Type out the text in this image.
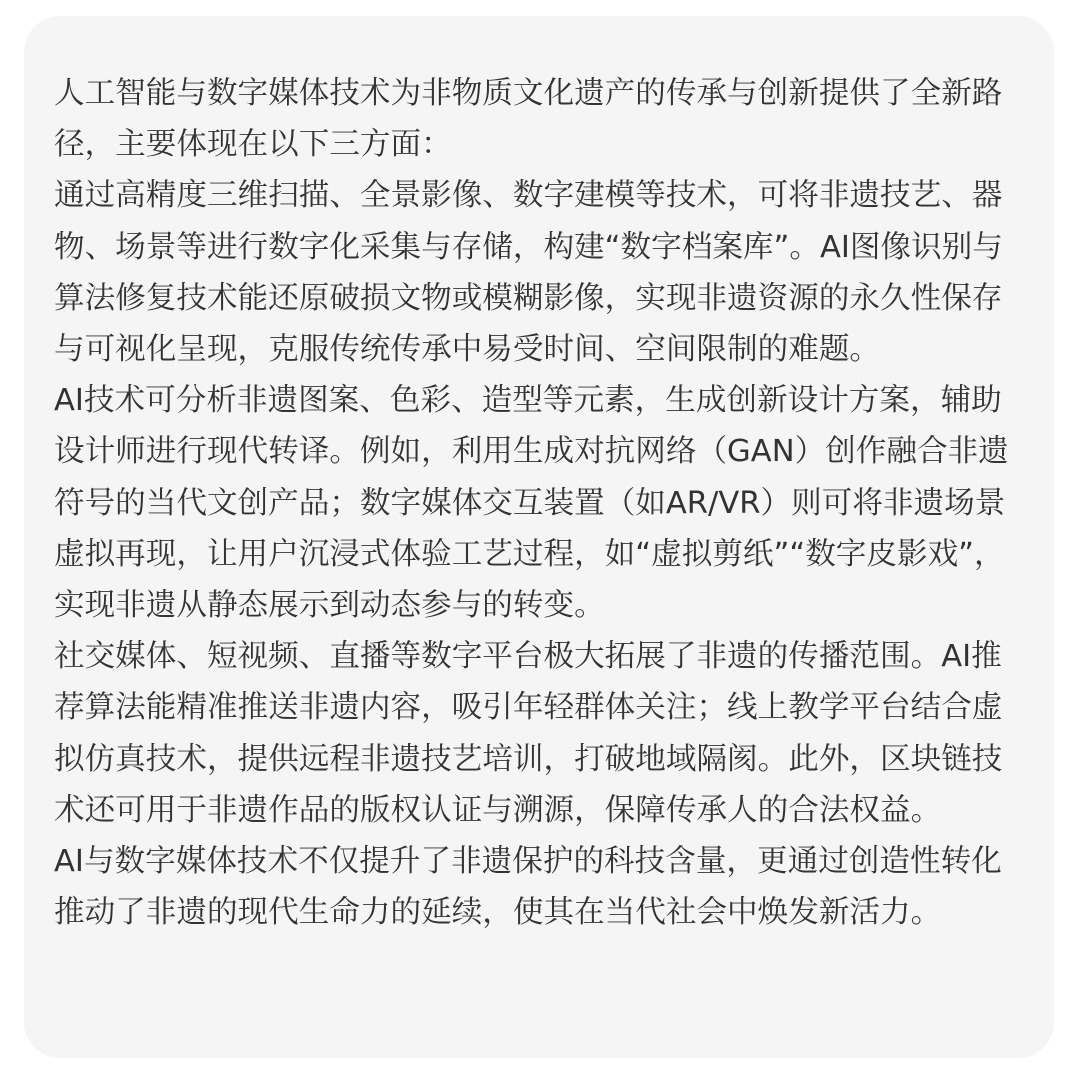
人工智能与数字媒体技术为非物质文化遗产的传承与创新提供了全新路径，主要体现在以下三方面：

通过高精度三维扫描、全景影像、数字建模等技术，可将非遗技艺、器物、场景等进行数字化采集与存储，构建“数字档案库”。AI图像识别与算法修复技术能还原破损文物或模糊影像，实现非遗资源的永久性保存与可视化呈现，克服传统传承中易受时间、空间限制的难题。

AI技术可分析非遗图案、色彩、造型等元素，生成创新设计方案，辅助设计师进行现代转译。例如，利用生成对抗网络（GAN）创作融合非遗符号的当代文创产品；数字媒体交互装置（如AR/VR）则可将非遗场景虚拟再现，让用户沉浸式体验工艺过程，如“虚拟剪纸”“数字皮影戏”，实现非遗从静态展示到动态参与的转变。

社交媒体、短视频、直播等数字平台极大拓展了非遗的传播范围。AI推荐算法能精准推送非遗内容，吸引年轻群体关注；线上教学平台结合虚拟仿真技术，提供远程非遗技艺培训，打破地域隔阂。此外，区块链技术还可用于非遗作品的版权认证与溯源，保障传承人的合法权益。

AI与数字媒体技术不仅提升了非遗保护的科技含量，更通过创造性转化推动了非遗的现代生命力的延续，使其在当代社会中焕发新活力。
